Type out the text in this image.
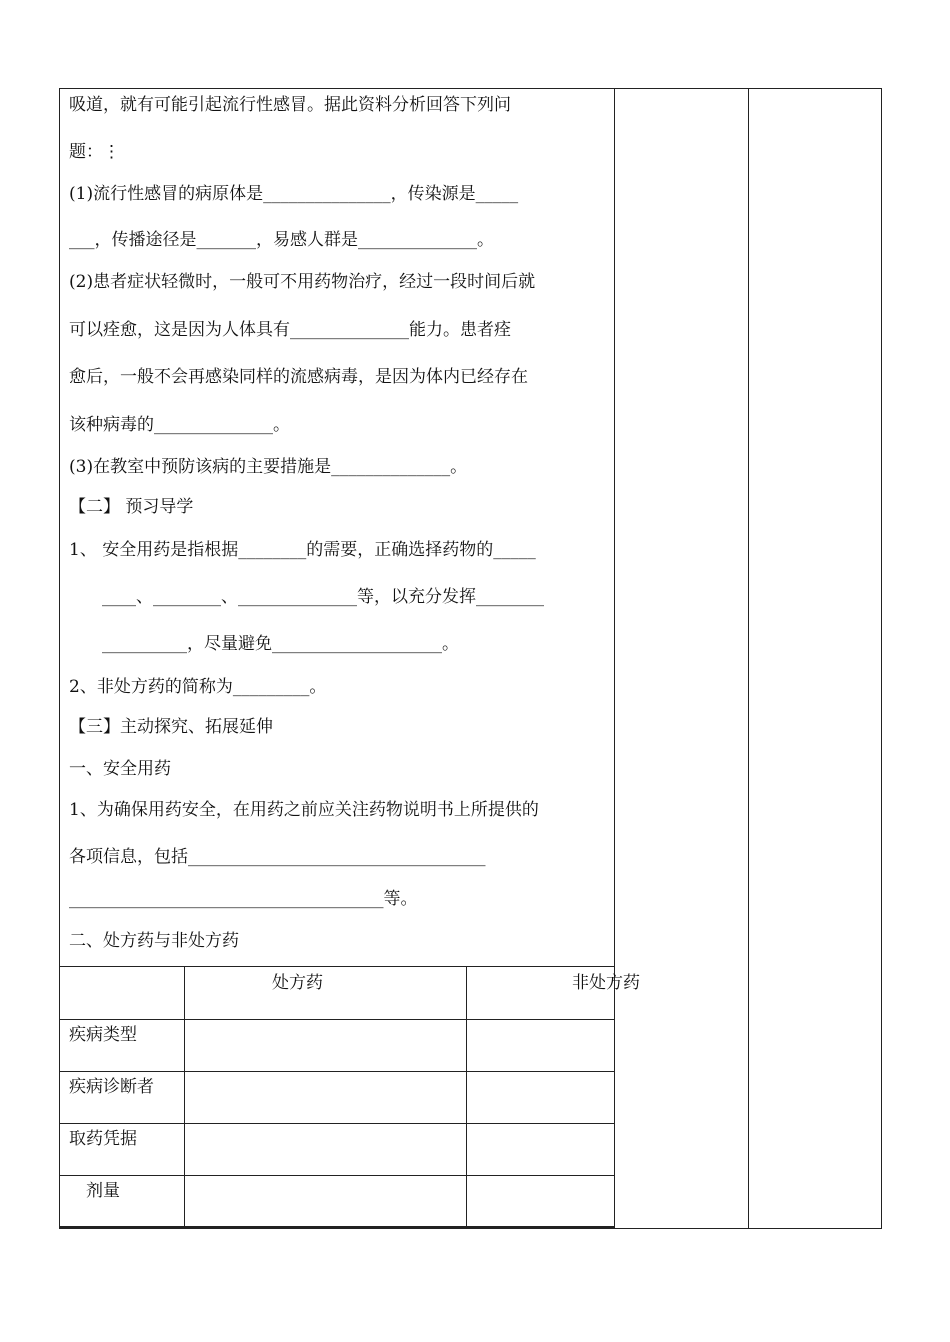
吸道，就有可能引起流行性感冒。据此资料分析回答下列问
题：⋮
(1)流行性感冒的病原体是_______________，传染源是_____
___，传播途径是_______，易感人群是______________。
(2)患者症状轻微时，一般可不用药物治疗，经过一段时间后就
可以痊愈，这是因为人体具有______________能力。患者痊
愈后，一般不会再感染同样的流感病毒，是因为体内已经存在
该种病毒的______________。
(3)在教室中预防该病的主要措施是______________。
【二】 预习导学
1、 安全用药是指根据________的需要，正确选择药物的_____
____、________、______________等，以充分发挥________
__________，尽量避免____________________。
2、非处方药的简称为_________。
【三】主动探究、拓展延伸
一、安全用药
1、为确保用药安全，在用药之前应关注药物说明书上所提供的
各项信息，包括___________________________________
_____________________________________等。
二、处方药与非处方药
处方药	非处方药
疾病类型
疾病诊断者
取药凭据
剂量
